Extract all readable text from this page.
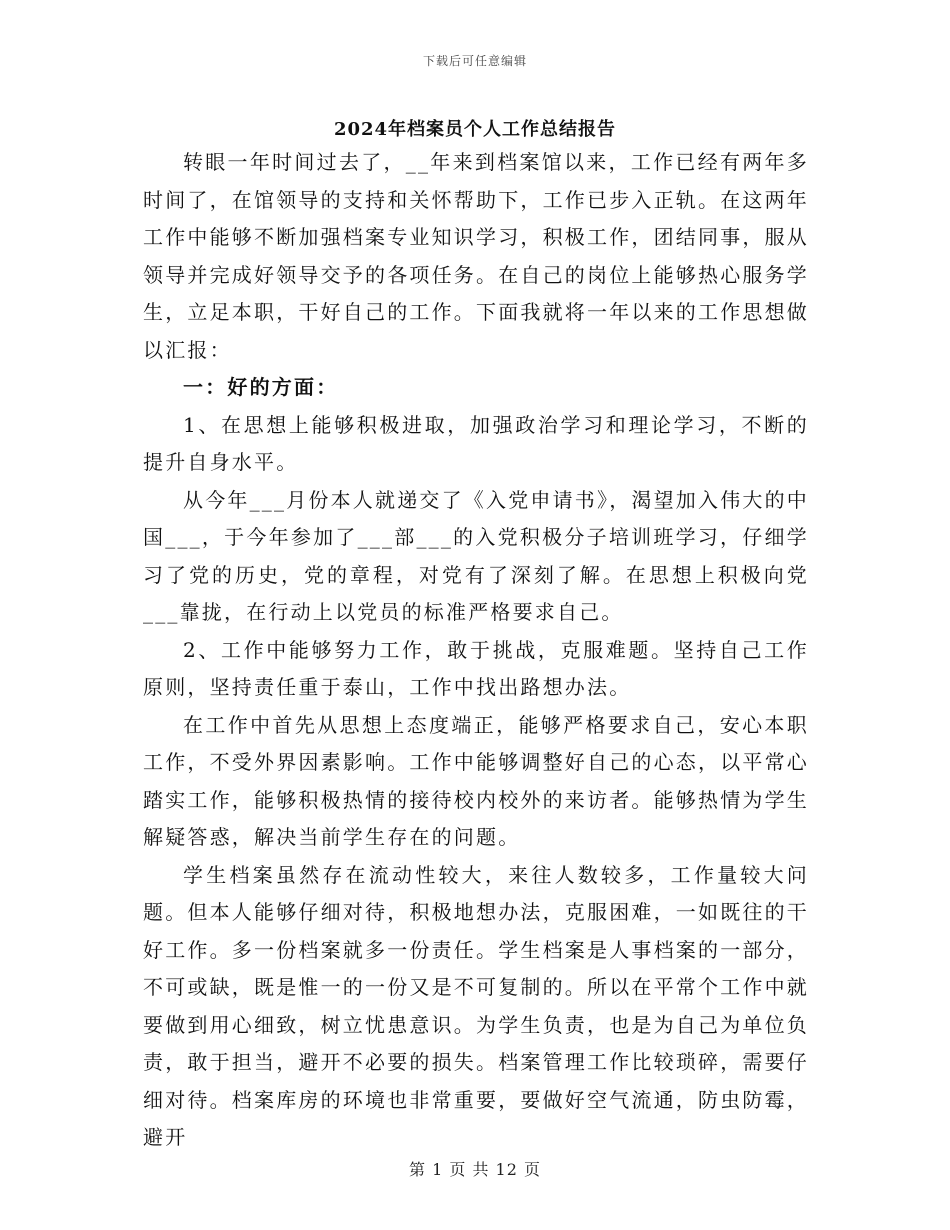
下载后可任意编辑
2024年档案员个人工作总结报告

转眼一年时间过去了，__年来到档案馆以来，工作已经有两年多时间了，在馆领导的支持和关怀帮助下，工作已步入正轨。在这两年工作中能够不断加强档案专业知识学习，积极工作，团结同事，服从领导并完成好领导交予的各项任务。在自己的岗位上能够热心服务学生，立足本职，干好自己的工作。下面我就将一年以来的工作思想做以汇报：

一：好的方面：

1、在思想上能够积极进取，加强政治学习和理论学习，不断的提升自身水平。

从今年___月份本人就递交了《入党申请书》，渴望加入伟大的中国___，于今年参加了___部___的入党积极分子培训班学习，仔细学习了党的历史，党的章程，对党有了深刻了解。在思想上积极向党___靠拢，在行动上以党员的标准严格要求自己。

2、工作中能够努力工作，敢于挑战，克服难题。坚持自己工作原则，坚持责任重于泰山，工作中找出路想办法。

在工作中首先从思想上态度端正，能够严格要求自己，安心本职工作，不受外界因素影响。工作中能够调整好自己的心态，以平常心踏实工作，能够积极热情的接待校内校外的来访者。能够热情为学生解疑答惑，解决当前学生存在的问题。

学生档案虽然存在流动性较大，来往人数较多，工作量较大问题。但本人能够仔细对待，积极地想办法，克服困难，一如既往的干好工作。多一份档案就多一份责任。学生档案是人事档案的一部分，不可或缺，既是惟一的一份又是不可复制的。所以在平常个工作中就要做到用心细致，树立忧患意识。为学生负责，也是为自己为单位负责，敢于担当，避开不必要的损失。档案管理工作比较琐碎，需要仔细对待。档案库房的环境也非常重要，要做好空气流通，防虫防霉，避开

第 1 页 共 12 页
